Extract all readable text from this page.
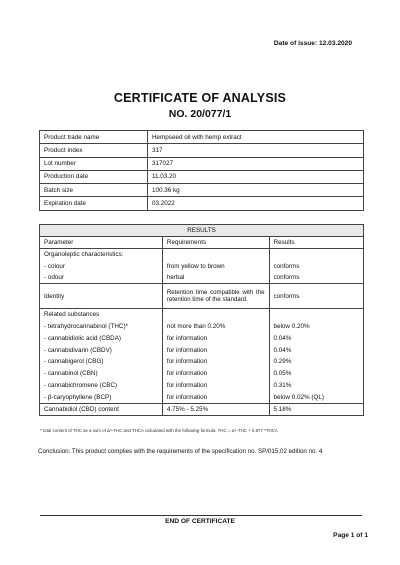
Date of issue: 12.03.2020
CERTIFICATE OF ANALYSIS
NO. 20/077/1
Product trade name	Hempseed oil with hemp extract
Product index	317
Lot number	317027
Production date	11.03.20
Batch size	100.36 kg
Expiration date	03.2022
RESULTS		
Parameter	Requirements	Results
Organoleptic characteristics:		
- colour	from yellow to brown	conforms
- odour	herbal	conforms
Identity	Retention time compatible with the retention time of the standard.	conforms
Related substances		
- tetrahydrocannabinol (THC)*	not more than 0.20%	below 0.20%
- cannabidiolic acid (CBDA)	for information	0.04%
- cannabidivarin (CBDV)	for information	0.04%
- cannabigerol (CBG)	for information	0.29%
- cannabinol (CBN)	for information	0.05%
- cannabichromene (CBC)	for information	0.31%
- β-caryophyllene (BCP)	for information	below 0.02% (QL)
Cannabidiol (CBD) content	4.75% - 5.25%	5.18%
* total content of THC as a sum of Δ⁹-THC and THCA calculated with the following formula: THC = Δ⁹-THC + 0.877 *THCA
Conclusion: This product complies with the requirements of the specification no. SP/015.02 edition no. 4
END OF CERTIFICATE
Page 1 of 1
